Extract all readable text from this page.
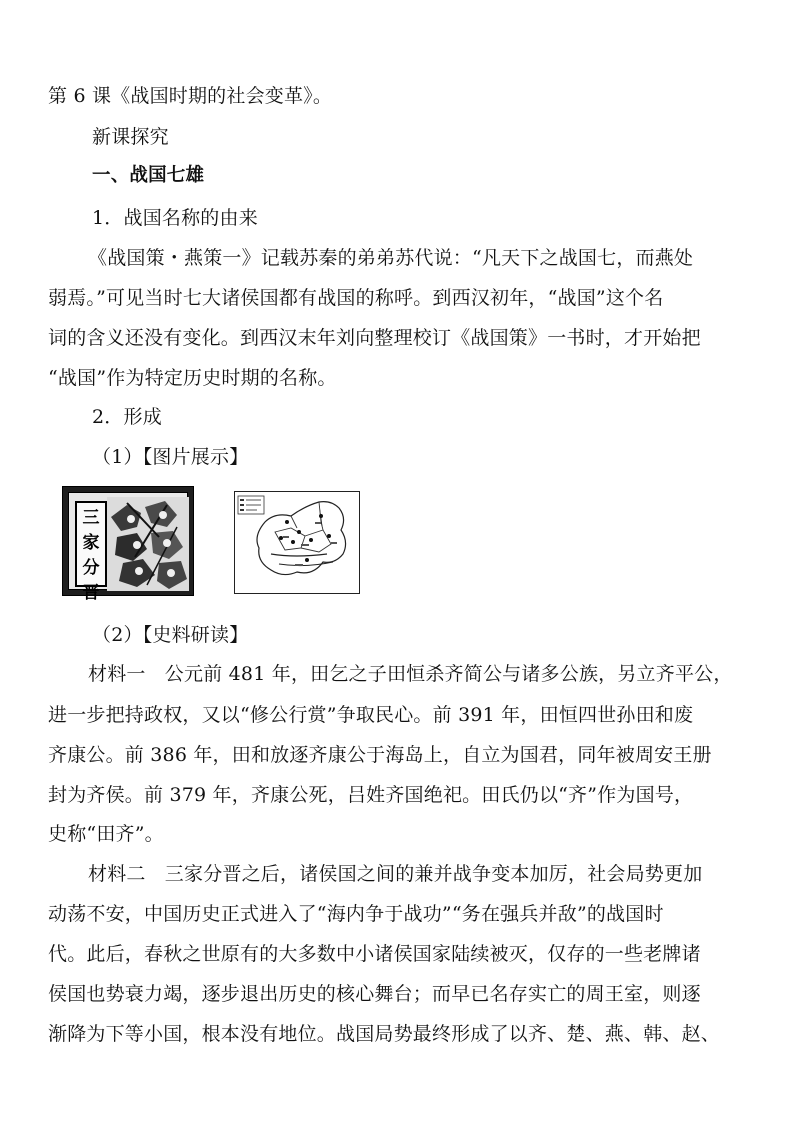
第 6 课《战国时期的社会变革》。
新课探究
一、战国七雄
1．战国名称的由来
《战国策・燕策一》记载苏秦的弟弟苏代说：“凡天下之战国七，而燕处
弱焉。”可见当时七大诸侯国都有战国的称呼。到西汉初年，“战国”这个名
词的含义还没有变化。到西汉末年刘向整理校订《战国策》一书时，才开始把
“战国”作为特定历史时期的名称。
2．形成
（1）【图片展示】
三
家
分
晋
（2）【史料研读】
材料一　公元前 481 年，田乞之子田恒杀齐简公与诸多公族，另立齐平公，
进一步把持政权，又以“修公行赏”争取民心。前 391 年，田恒四世孙田和废
齐康公。前 386 年，田和放逐齐康公于海岛上，自立为国君，同年被周安王册
封为齐侯。前 379 年，齐康公死，吕姓齐国绝祀。田氏仍以“齐”作为国号，
史称“田齐”。
材料二　三家分晋之后，诸侯国之间的兼并战争变本加厉，社会局势更加
动荡不安，中国历史正式进入了“海内争于战功”“务在强兵并敌”的战国时
代。此后，春秋之世原有的大多数中小诸侯国家陆续被灭，仅存的一些老牌诸
侯国也势衰力竭，逐步退出历史的核心舞台；而早已名存实亡的周王室，则逐
渐降为下等小国，根本没有地位。战国局势最终形成了以齐、楚、燕、韩、赵、
